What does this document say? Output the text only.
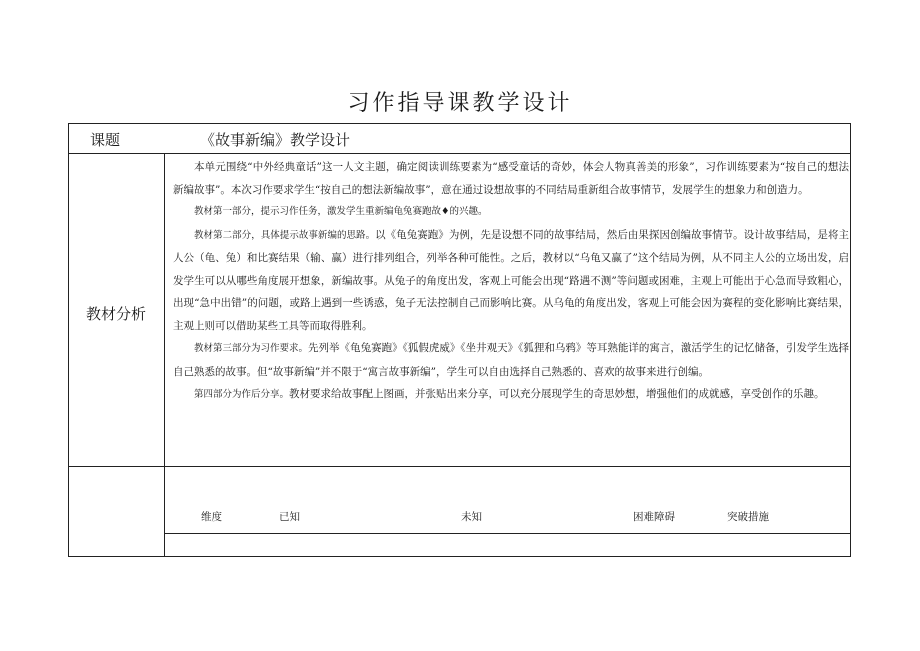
习作指导课教学设计
课题	《故事新编》教学设计
教材分析

本单元围绕“中外经典童话”这一人文主题，确定阅读训练要素为“感受童话的奇妙，体会人物真善美的形象”，习作训练要素为“按自己的想法新编故事”。本次习作要求学生“按自己的想法新编故事”，意在通过设想故事的不同结局重新组合故事情节，发展学生的想象力和创造力。

教材第一部分，提示习作任务，激发学生重新编龟兔赛跑故♦的兴趣。

教材第二部分，具体提示故事新编的思路。以《龟兔赛跑》为例，先是设想不同的故事结局，然后由果探因创编故事情节。设计故事结局，是将主人公（龟、兔）和比赛结果（输、赢）进行排列组合，列举各种可能性。之后，教材以“乌龟又赢了”这个结局为例，从不同主人公的立场出发，启发学生可以从哪些角度展开想象，新编故事。从兔子的角度出发，客观上可能会出现“路遇不测”等问题或困难，主观上可能出于心急而导致粗心，出现“急中出错”的问题，或路上遇到一些诱惑，兔子无法控制自己而影响比赛。从乌龟的角度出发，客观上可能会因为赛程的变化影响比赛结果，主观上则可以借助某些工具等而取得胜利。

教材第三部分为习作要求。先列举《龟兔赛跑》《狐假虎威》《坐井观天》《狐狸和乌鸦》等耳熟能详的寓言，激活学生的记忆储备，引发学生选择自己熟悉的故事。但“故事新编”并不限于“寓言故事新编”，学生可以自由选择自己熟悉的、喜欢的故事来进行创编。

第四部分为作后分享。教材要求给故事配上图画，并张贴出来分享，可以充分展现学生的奇思妙想，增强他们的成就感，享受创作的乐趣。

维度	已知	未知	困难障碍	突破措施
